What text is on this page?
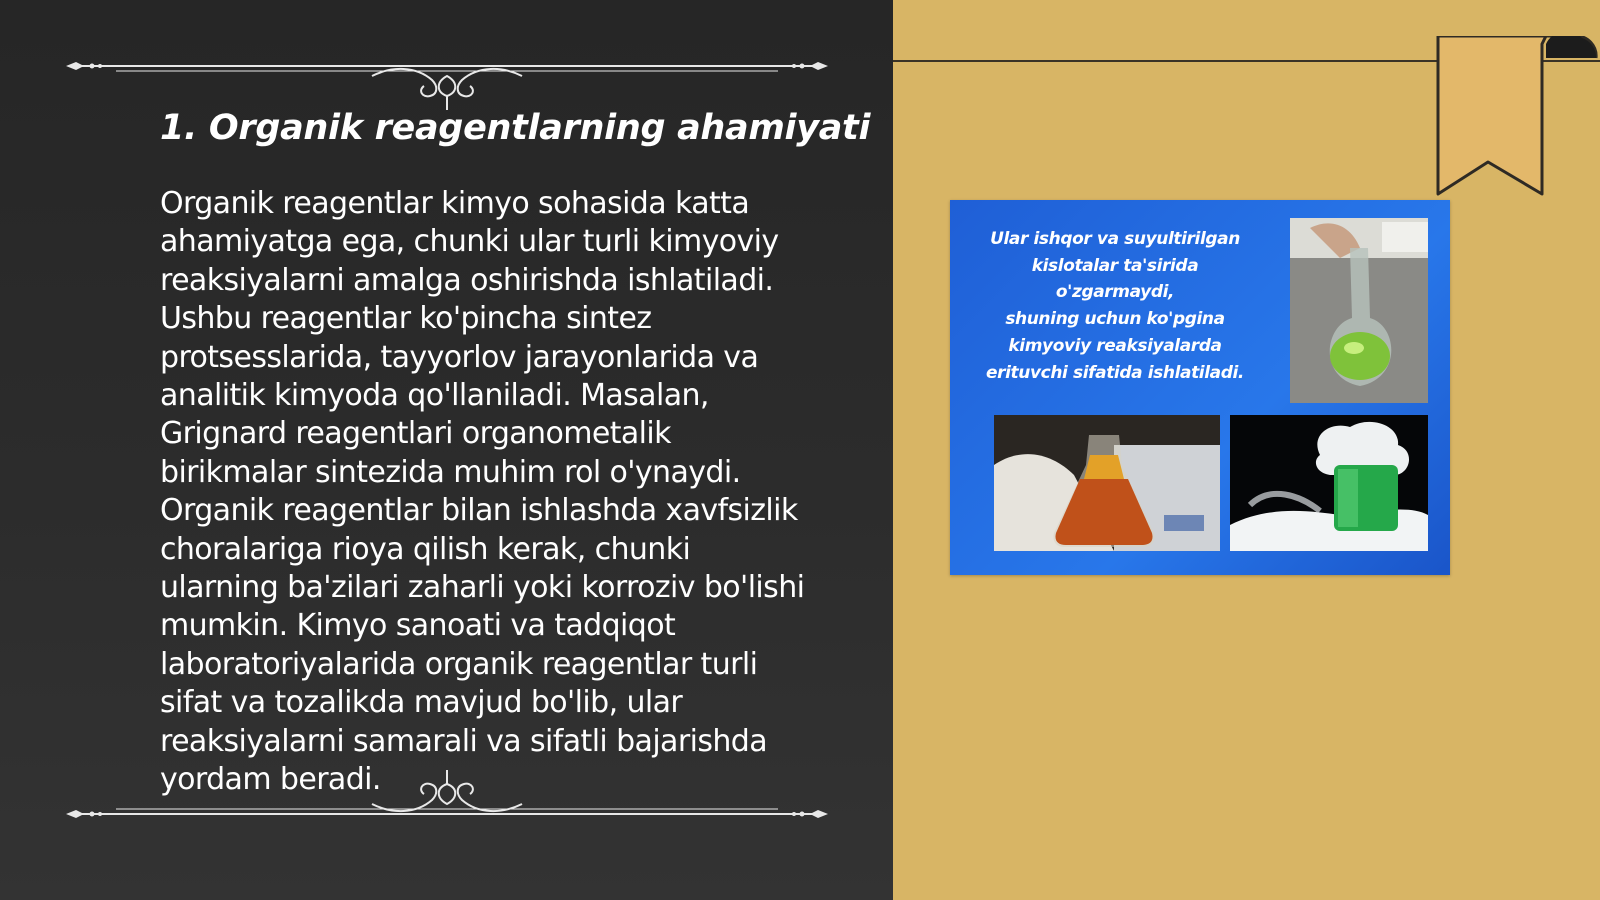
1. Organik reagentlarning ahamiyati

Organik reagentlar kimyo sohasida katta
ahamiyatga ega, chunki ular turli kimyoviy
reaksiyalarni amalga oshirishda ishlatiladi.
Ushbu reagentlar ko'pincha sintez
protsesslarida, tayyorlov jarayonlarida va
analitik kimyoda qo'llaniladi. Masalan,
Grignard reagentlari organometalik
birikmalar sintezida muhim rol o'ynaydi.
Organik reagentlar bilan ishlashda xavfsizlik
choralariga rioya qilish kerak, chunki
ularning ba'zilari zaharli yoki korroziv bo'lishi
mumkin. Kimyo sanoati va tadqiqot
laboratoriyalarida organik reagentlar turli
sifat va tozalikda mavjud bo'lib, ular
reaksiyalarni samarali va sifatli bajarishda
yordam beradi.

Ular ishqor va suyultirilgan
kislotalar ta'sirida
o'zgarmaydi,
shuning uchun ko'pgina
kimyoviy reaksiyalarda
erituvchi sifatida ishlatiladi.
